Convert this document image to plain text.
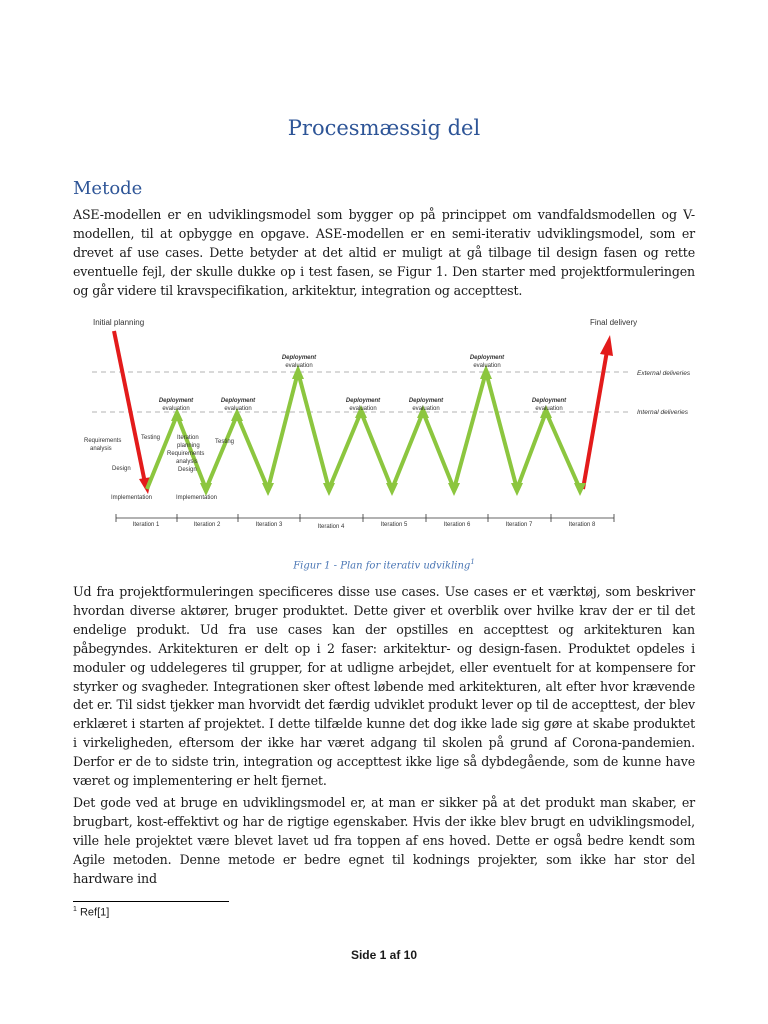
Procesmæssig del
Metode

ASE-modellen er en udviklingsmodel som bygger op på princippet om vandfaldsmodellen og V-modellen, til at opbygge en opgave. ASE-modellen er en semi-iterativ udviklingsmodel, som er drevet af use cases. Dette betyder at det altid er muligt at gå tilbage til design fasen og rette eventuelle fejl, der skulle dukke op i test fasen, se Figur 1. Den starter med projektformuleringen og går videre til kravspecifikation, arkitektur, integration og accepttest.

External deliveries
Internal deliveries
Initial planning	Final delivery
Deployment
evaluation
Deployment
evaluation
Deployment
evaluation
Deployment
evaluation
Deployment
evaluation
Deployment
evaluation
Deployment
evaluation
Requirements
analysis
Design
Implementation
Testing	Iteration
planning
Requirements
analysis
Design
Testing
Implementation
Iteration 1	Iteration 2	Iteration 3	Iteration 4	Iteration 5	Iteration 6	Iteration 7	Iteration 8
Figur 1 - Plan for iterativ udvikling$^1$

Ud fra projektformuleringen specificeres disse use cases. Use cases er et værktøj, som beskriver hvordan diverse aktører, bruger produktet. Dette giver et overblik over hvilke krav der er til det endelige produkt. Ud fra use cases kan der opstilles en accepttest og arkitekturen kan påbegyndes. Arkitekturen er delt op i 2 faser: arkitektur- og design-fasen. Produktet opdeles i moduler og uddelegeres til grupper, for at udligne arbejdet, eller eventuelt for at kompensere for styrker og svagheder. Integrationen sker oftest løbende med arkitekturen, alt efter hvor krævende det er. Til sidst tjekker man hvorvidt det færdig udviklet produkt lever op til de accepttest, der blev erklæret i starten af projektet. I dette tilfælde kunne det dog ikke lade sig gøre at skabe produktet i virkeligheden, eftersom der ikke har været adgang til skolen på grund af Corona-pandemien. Derfor er de to sidste trin, integration og accepttest ikke lige så dybdegående, som de kunne have været og implementering er helt fjernet.

Det gode ved at bruge en udviklingsmodel er, at man er sikker på at det produkt man skaber, er brugbart, kost-effektivt og har de rigtige egenskaber. Hvis der ikke blev brugt en udviklingsmodel, ville hele projektet være blevet lavet ud fra toppen af ens hoved. Dette er også bedre kendt som Agile metoden. Denne metode er bedre egnet til kodnings projekter, som ikke har stor del hardware ind

$^1$ Ref[1]
Side 1 af 10
